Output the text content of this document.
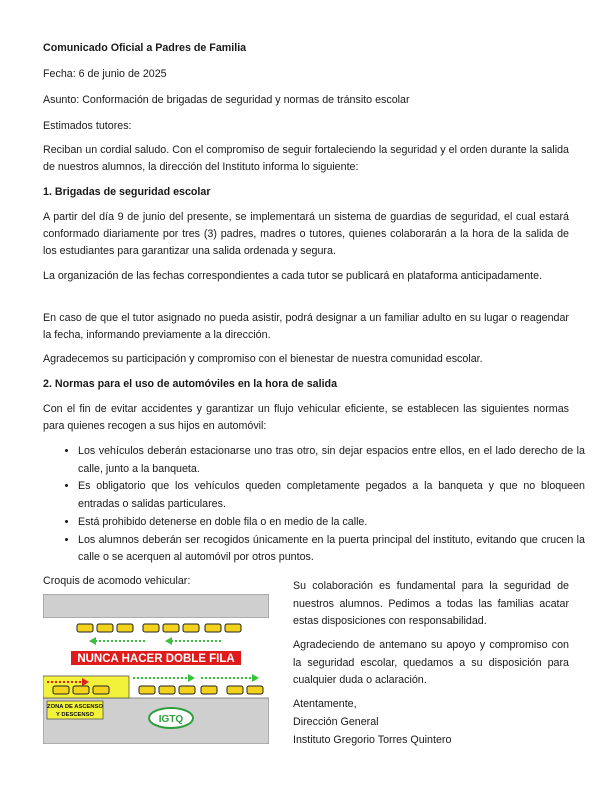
Comunicado Oficial a Padres de Familia

Fecha: 6 de junio de 2025

Asunto: Conformación de brigadas de seguridad y normas de tránsito escolar

Estimados tutores:

Reciban un cordial saludo. Con el compromiso de seguir fortaleciendo la seguridad y el orden durante la salida de nuestros alumnos, la dirección del Instituto informa lo siguiente:

1. Brigadas de seguridad escolar

A partir del día 9 de junio del presente, se implementará un sistema de guardias de seguridad, el cual estará conformado diariamente por tres (3) padres, madres o tutores, quienes colaborarán a la hora de la salida de los estudiantes para garantizar una salida ordenada y segura.

La organización de las fechas correspondientes a cada tutor se publicará en plataforma anticipadamente.

En caso de que el tutor asignado no pueda asistir, podrá designar a un familiar adulto en su lugar o reagendar la fecha, informando previamente a la dirección.

Agradecemos su participación y compromiso con el bienestar de nuestra comunidad escolar.

2. Normas para el uso de automóviles en la hora de salida

Con el fin de evitar accidentes y garantizar un flujo vehicular eficiente, se establecen las siguientes normas para quienes recogen a sus hijos en automóvil:

• Los vehículos deberán estacionarse uno tras otro, sin dejar espacios entre ellos, en el lado derecho de la calle, junto a la banqueta.
• Es obligatorio que los vehículos queden completamente pegados a la banqueta y que no bloqueen entradas o salidas particulares.
• Está prohibido detenerse en doble fila o en medio de la calle.
• Los alumnos deberán ser recogidos únicamente en la puerta principal del instituto, evitando que crucen la calle o se acerquen al automóvil por otros puntos.

Croquis de acomodo vehicular:

NUNCA HACER DOBLE FILA
ZONA DE ASCENSO
Y DESCENSO	IGTQ

Su colaboración es fundamental para la seguridad de nuestros alumnos. Pedimos a todas las familias acatar estas disposiciones con responsabilidad.

Agradeciendo de antemano su apoyo y compromiso con la seguridad escolar, quedamos a su disposición para cualquier duda o aclaración.

Atentamente,

Dirección General

Instituto Gregorio Torres Quintero
